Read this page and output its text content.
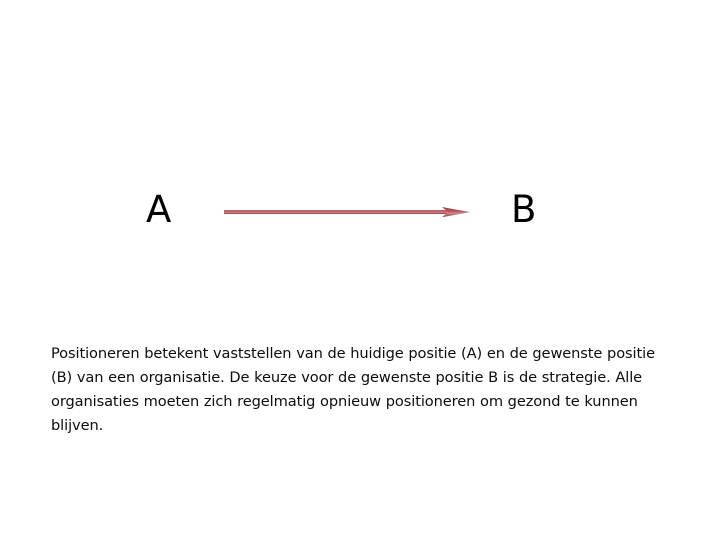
A	B

Positioneren betekent vaststellen van de huidige positie (A) en de gewenste positie (B) van een organisatie. De keuze voor de gewenste positie B is de strategie. Alle organisaties moeten zich regelmatig opnieuw positioneren om gezond te kunnen blijven.
